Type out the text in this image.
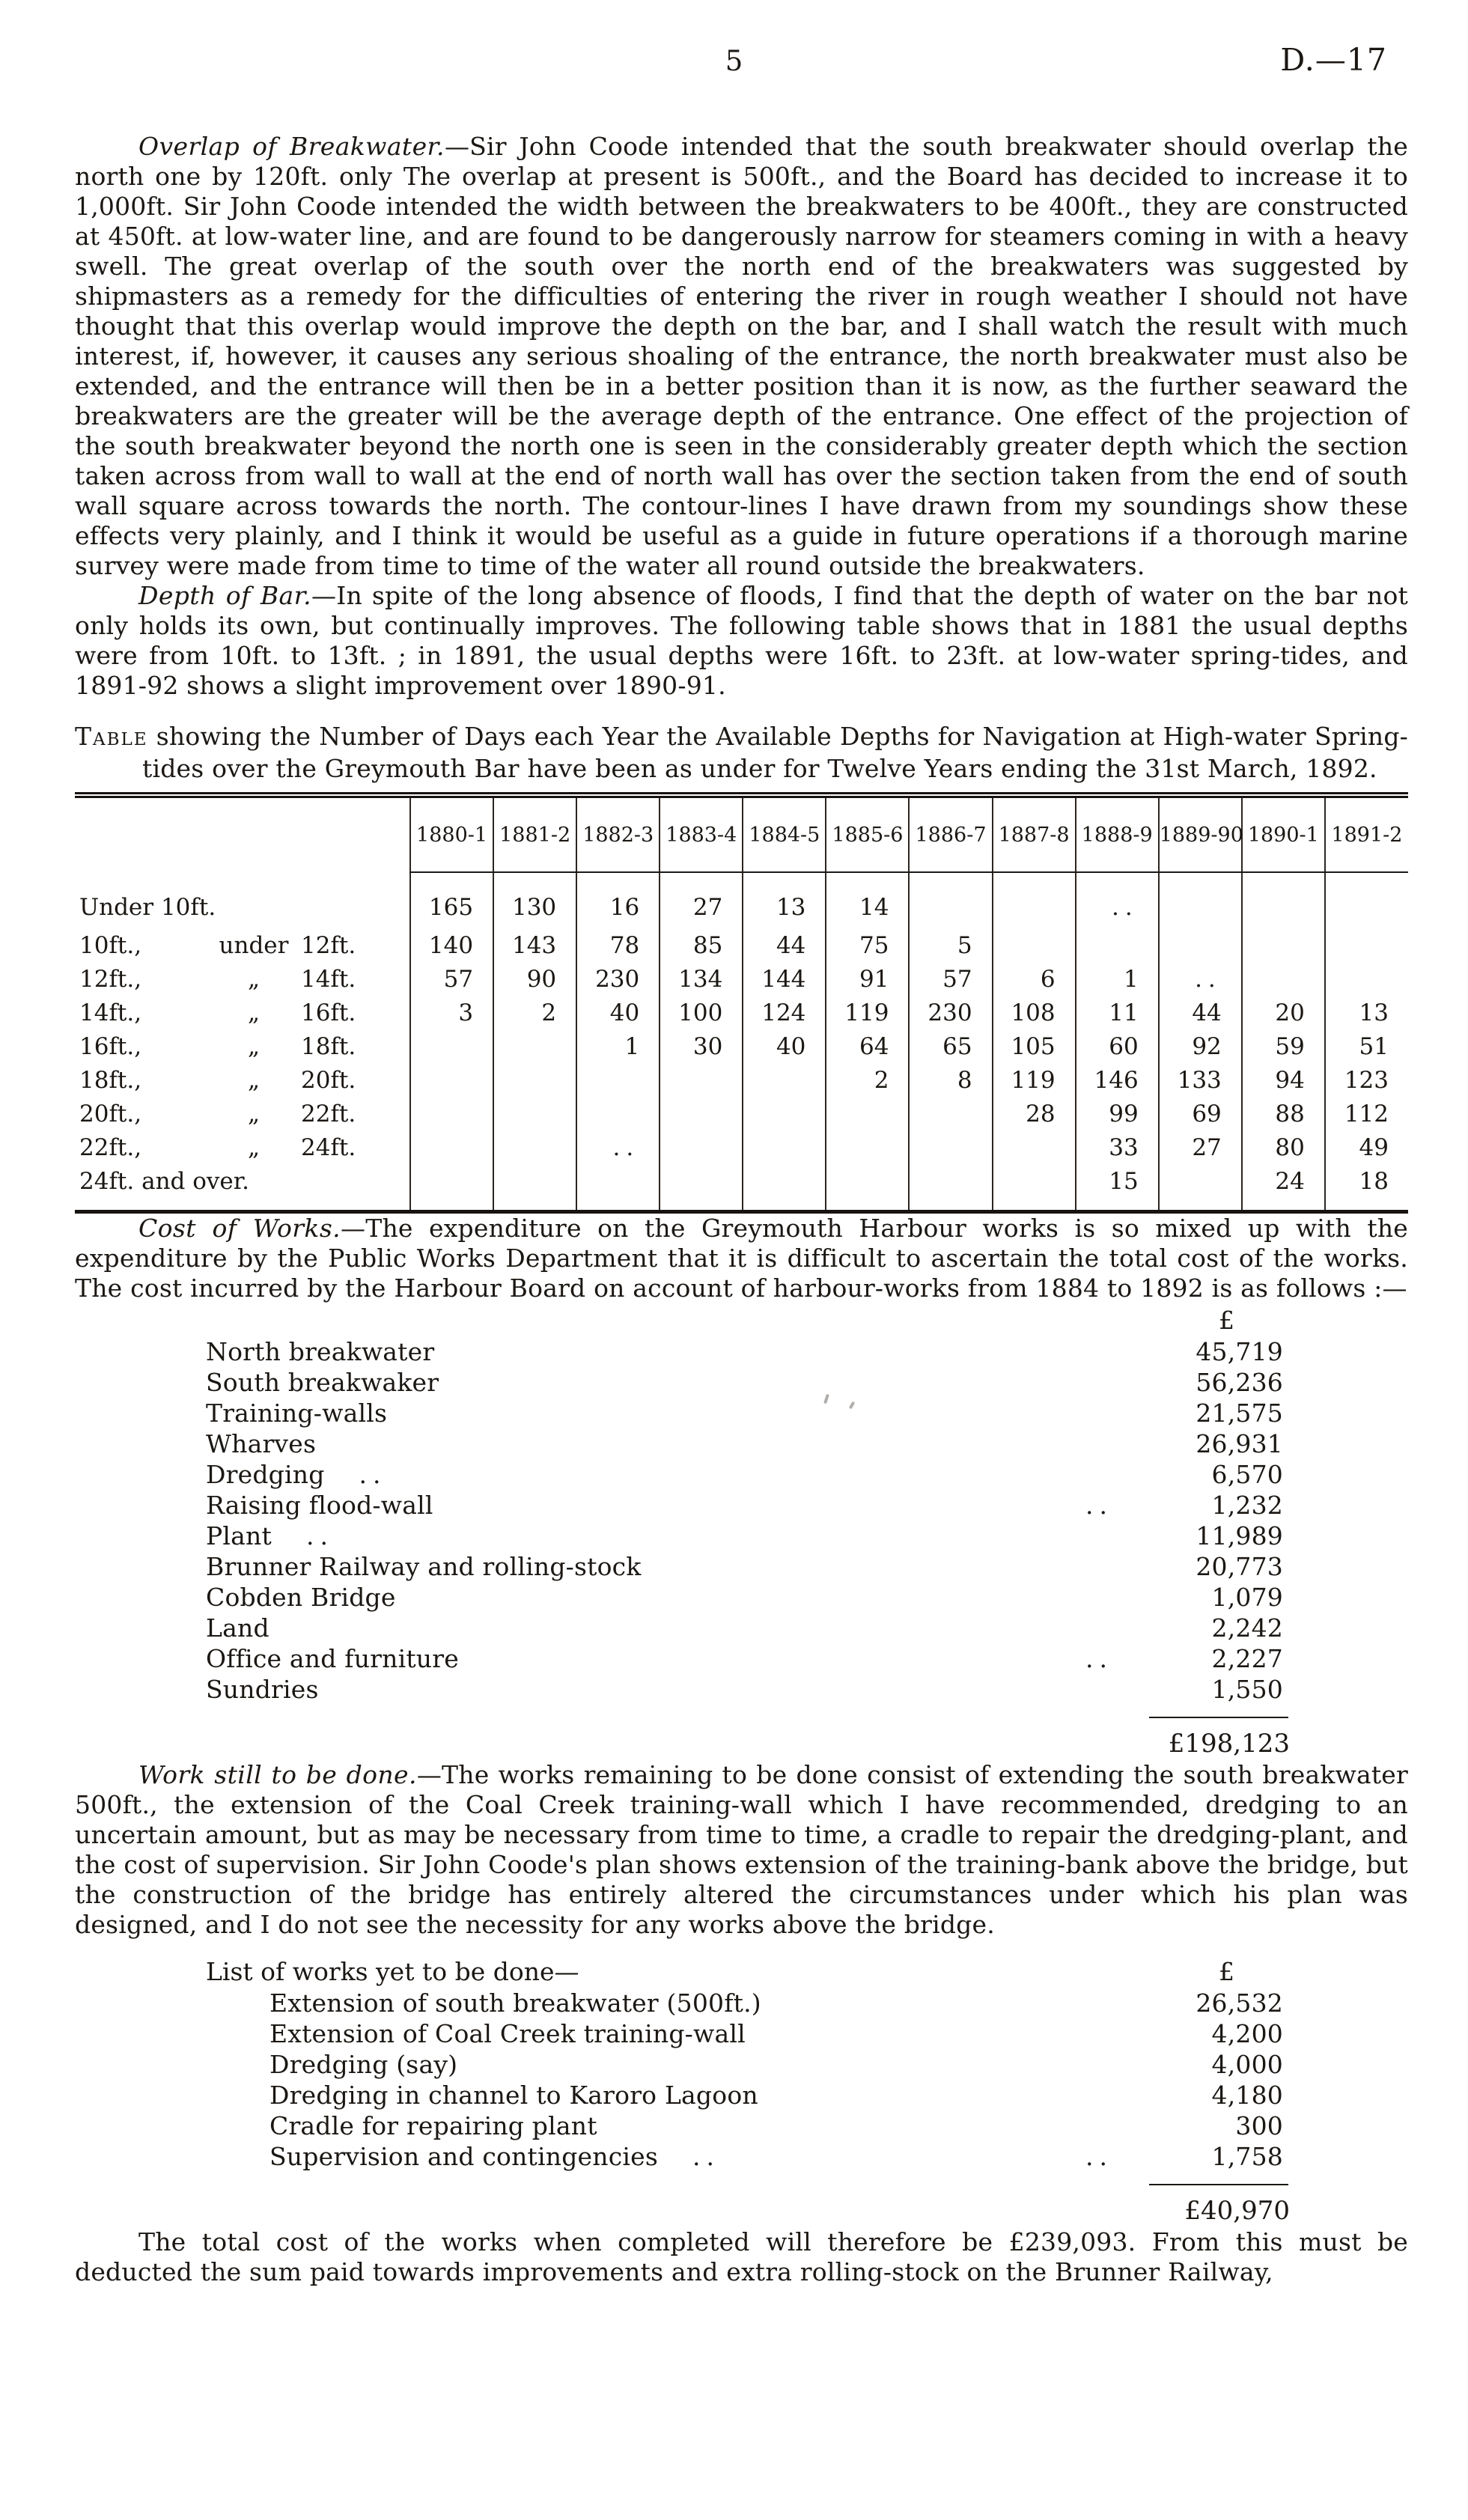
5	D.—17

Overlap of Breakwater.—Sir John Coode intended that the south breakwater should overlap the north one by 120ft. only The overlap at present is 500ft., and the Board has decided to increase it to 1,000ft. Sir John Coode intended the width between the breakwaters to be 400ft., they are constructed at 450ft. at low-water line, and are found to be dangerously narrow for steamers coming in with a heavy swell. The great overlap of the south over the north end of the breakwaters was suggested by shipmasters as a remedy for the difficulties of entering the river in rough weather I should not have thought that this overlap would improve the depth on the bar, and I shall watch the result with much interest, if, however, it causes any serious shoaling of the entrance, the north breakwater must also be extended, and the entrance will then be in a better position than it is now, as the further seaward the breakwaters are the greater will be the average depth of the entrance. One effect of the projection of the south breakwater beyond the north one is seen in the considerably greater depth which the section taken across from wall to wall at the end of north wall has over the section taken from the end of south wall square across towards the north. The contour-lines I have drawn from my soundings show these effects very plainly, and I think it would be useful as a guide in future operations if a thorough marine survey were made from time to time of the water all round outside the breakwaters.

Depth of Bar.—In spite of the long absence of floods, I find that the depth of water on the bar not only holds its own, but continually improves. The following table shows that in 1881 the usual depths were from 10ft. to 13ft. ; in 1891, the usual depths were 16ft. to 23ft. at low-water spring-tides, and 1891-92 shows a slight improvement over 1890-91.

Table showing the Number of Days each Year the Available Depths for Navigation at High-water Spring-tides over the Greymouth Bar have been as under for Twelve Years ending the 31st March, 1892.

	1880-1	1881-2	1882-3	1883-4	1884-5	1885-6	1886-7	1887-8	1888-9	1889-90	1890-1	1891-2
Under 10ft.	165	130	16	27	13	14			..			
10ft., under 12ft.	140	143	78	85	44	75	5					
12ft., „ 14ft.	57	90	230	134	144	91	57	6	1	..		
14ft., „ 16ft.	3	2	40	100	124	119	230	108	11	44	20	13
16ft., „ 18ft.			1	30	40	64	65	105	60	92	59	51
18ft., „ 20ft.						2	8	119	146	133	94	123
20ft., „ 22ft.								28	99	69	88	112
22ft., „ 24ft.			..						33	27	80	49
24ft. and over.									15		24	18

Cost of Works.—The expenditure on the Greymouth Harbour works is so mixed up with the expenditure by the Public Works Department that it is difficult to ascertain the total cost of the works. The cost incurred by the Harbour Board on account of harbour-works from 1884 to 1892 is as follows :—

£
North breakwater	45,719
South breakwaker	56,236
Training-walls	21,575
Wharves	26,931
Dredging ..	6,570
Raising flood-wall	..	1,232
Plant ..	11,989
Brunner Railway and rolling-stock	20,773
Cobden Bridge	1,079
Land	2,242
Office and furniture	..	2,227
Sundries	1,550
£198,123

Work still to be done.—The works remaining to be done consist of extending the south breakwater 500ft., the extension of the Coal Creek training-wall which I have recommended, dredging to an uncertain amount, but as may be necessary from time to time, a cradle to repair the dredging-plant, and the cost of supervision. Sir John Coode's plan shows extension of the training-bank above the bridge, but the construction of the bridge has entirely altered the circumstances under which his plan was designed, and I do not see the necessity for any works above the bridge.

List of works yet to be done—	£
Extension of south breakwater (500ft.)	26,532
Extension of Coal Creek training-wall	4,200
Dredging (say)	4,000
Dredging in channel to Karoro Lagoon	4,180
Cradle for repairing plant	300
Supervision and contingencies ..	..	1,758
£40,970

The total cost of the works when completed will therefore be £239,093. From this must be deducted the sum paid towards improvements and extra rolling-stock on the Brunner Railway,
